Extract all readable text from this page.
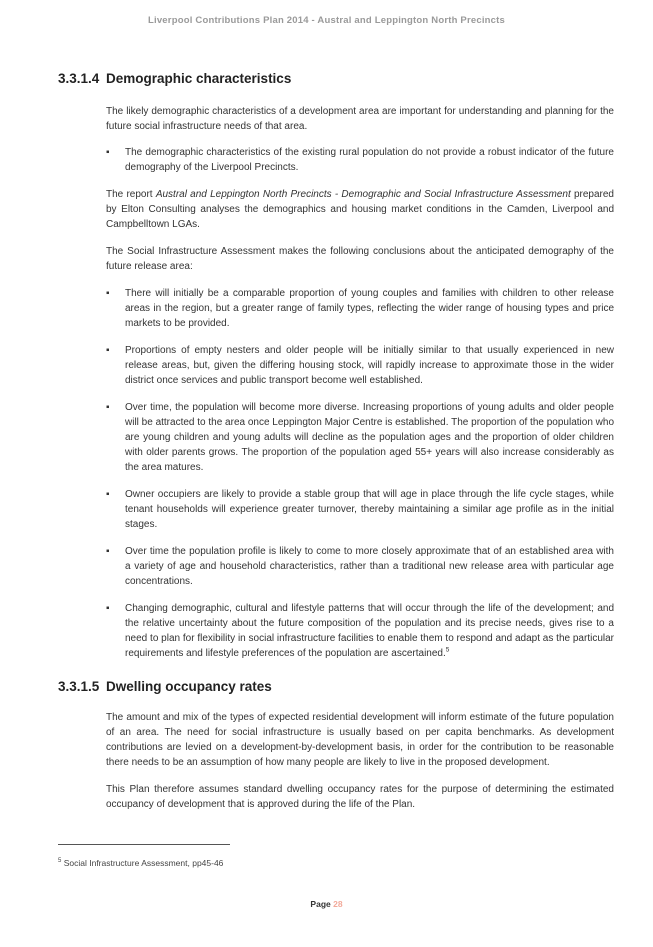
Liverpool Contributions Plan 2014 - Austral and Leppington North Precincts
3.3.1.4 Demographic characteristics

The likely demographic characteristics of a development area are important for understanding and planning for the future social infrastructure needs of that area.

▪ The demographic characteristics of the existing rural population do not provide a robust indicator of the future demography of the Liverpool Precincts.

The report Austral and Leppington North Precincts - Demographic and Social Infrastructure Assessment prepared by Elton Consulting analyses the demographics and housing market conditions in the Camden, Liverpool and Campbelltown LGAs.

The Social Infrastructure Assessment makes the following conclusions about the anticipated demography of the future release area:

▪ There will initially be a comparable proportion of young couples and families with children to other release areas in the region, but a greater range of family types, reflecting the wider range of housing types and price markets to be provided.
▪ Proportions of empty nesters and older people will be initially similar to that usually experienced in new release areas, but, given the differing housing stock, will rapidly increase to approximate those in the wider district once services and public transport become well established.
▪ Over time, the population will become more diverse. Increasing proportions of young adults and older people will be attracted to the area once Leppington Major Centre is established. The proportion of the population who are young children and young adults will decline as the population ages and the proportion of older children with older parents grows. The proportion of the population aged 55+ years will also increase considerably as the area matures.
▪ Owner occupiers are likely to provide a stable group that will age in place through the life cycle stages, while tenant households will experience greater turnover, thereby maintaining a similar age profile as in the initial stages.
▪ Over time the population profile is likely to come to more closely approximate that of an established area with a variety of age and household characteristics, rather than a traditional new release area with particular age concentrations.
▪ Changing demographic, cultural and lifestyle patterns that will occur through the life of the development; and the relative uncertainty about the future composition of the population and its precise needs, gives rise to a need to plan for flexibility in social infrastructure facilities to enable them to respond and adapt as the particular requirements and lifestyle preferences of the population are ascertained.$^5$
3.3.1.5 Dwelling occupancy rates

The amount and mix of the types of expected residential development will inform estimate of the future population of an area. The need for social infrastructure is usually based on per capita benchmarks. As development contributions are levied on a development-by-development basis, in order for the contribution to be reasonable there needs to be an assumption of how many people are likely to live in the proposed development.

This Plan therefore assumes standard dwelling occupancy rates for the purpose of determining the estimated occupancy of development that is approved during the life of the Plan.

$^5$ Social Infrastructure Assessment, pp45-46
Page 28
